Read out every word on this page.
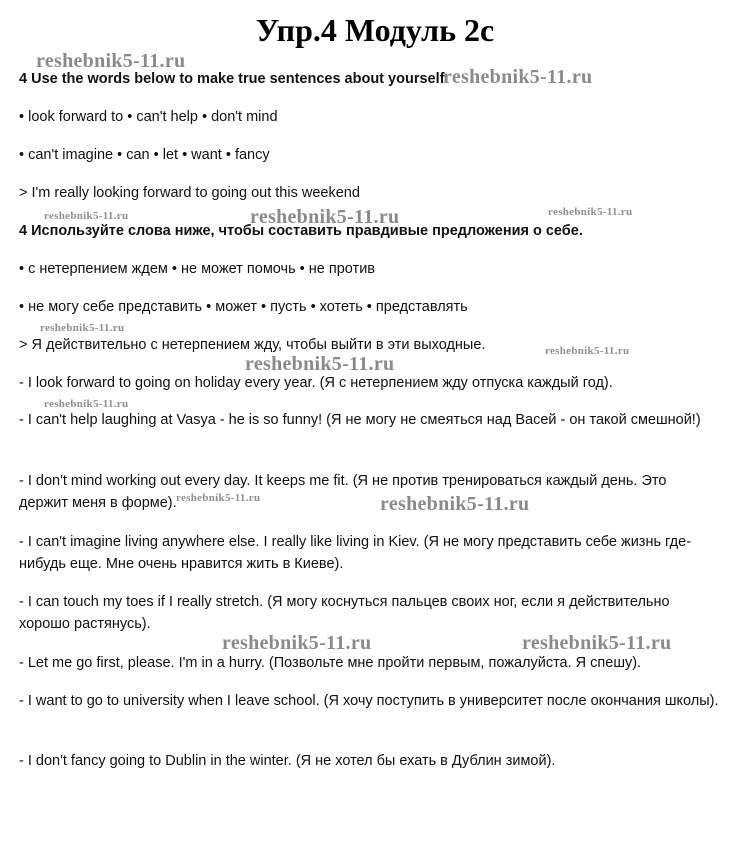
Упр.4 Модуль 2с
4 Use the words below to make true sentences about yourself.
• look forward to • can't help • don't mind
• can't imagine • can • let • want • fancy
> I'm really looking forward to going out this weekend
4 Используйте слова ниже, чтобы составить правдивые предложения о себе.
• с нетерпением ждем • не может помочь • не против
• не могу себе представить • может • пусть • хотеть • представлять
> Я действительно с нетерпением жду, чтобы выйти в эти выходные.
- I look forward to going on holiday every year. (Я с нетерпением жду отпуска каждый год).
- I can't help laughing at Vasya - he is so funny! (Я не могу не смеяться над Васей - он такой смешной!)
- I don't mind working out every day. It keeps me fit. (Я не против тренироваться каждый день. Это держит меня в форме).
- I can't imagine living anywhere else. I really like living in Kiev. (Я не могу представить себе жизнь где-нибудь еще. Мне очень нравится жить в Киеве).
- I can touch my toes if I really stretch. (Я могу коснуться пальцев своих ног, если я действительно хорошо растянусь).
- Let me go first, please. I'm in a hurry. (Позвольте мне пройти первым, пожалуйста. Я спешу).
- I want to go to university when I leave school. (Я хочу поступить в университет после окончания школы).
- I don't fancy going to Dublin in the winter. (Я не хотел бы ехать в Дублин зимой).
reshebnik5-11.ru
reshebnik5-11.ru
reshebnik5-11.ru	reshebnik5-11.ru	reshebnik5-11.ru
reshebnik5-11.ru
reshebnik5-11.ru
reshebnik5-11.ru
reshebnik5-11.ru
reshebnik5-11.ru	reshebnik5-11.ru
reshebnik5-11.ru	reshebnik5-11.ru
